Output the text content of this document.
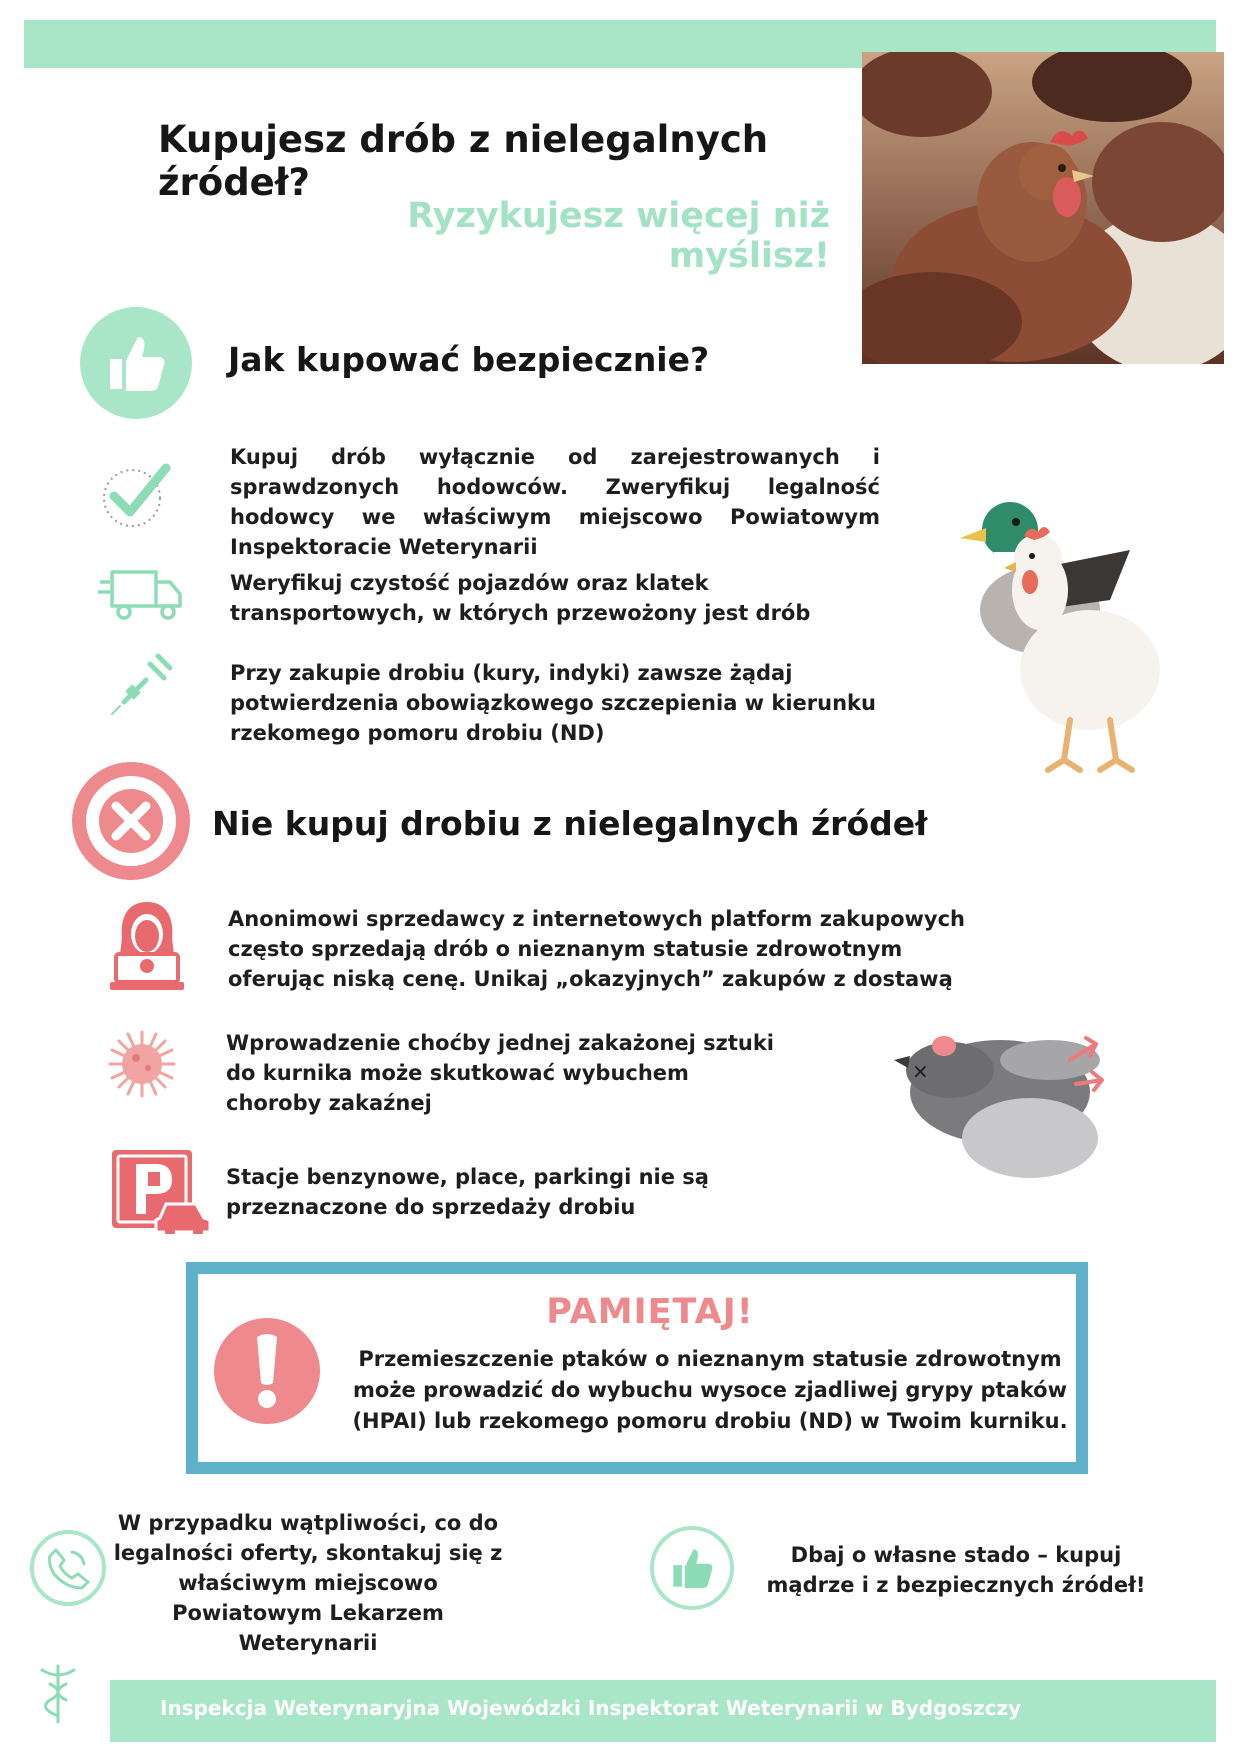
Kupujesz drób z nielegalnych źródeł?
Ryzykujesz więcej niż myślisz!
Jak kupować bezpiecznie?
Kupuj drób wyłącznie od zarejestrowanych i sprawdzonych hodowców. Zweryfikuj legalność hodowcy we właściwym miejscowo Powiatowym Inspektoracie Weterynarii
Weryfikuj czystość pojazdów oraz klatek transportowych, w których przewożony jest drób
Przy zakupie drobiu (kury, indyki) zawsze żądaj potwierdzenia obowiązkowego szczepienia w kierunku rzekomego pomoru drobiu (ND)
Nie kupuj drobiu z nielegalnych źródeł
Anonimowi sprzedawcy z internetowych platform zakupowych często sprzedają drób o nieznanym statusie zdrowotnym oferując niską cenę. Unikaj „okazyjnych” zakupów z dostawą
Wprowadzenie choćby jednej zakażonej sztuki do kurnika może skutkować wybuchem choroby zakaźnej
Stacje benzynowe, place, parkingi nie są przeznaczone do sprzedaży drobiu
×
PAMIĘTAJ!
Przemieszczenie ptaków o nieznanym statusie zdrowotnym może prowadzić do wybuchu wysoce zjadliwej grypy ptaków (HPAI) lub rzekomego pomoru drobiu (ND) w Twoim kurniku.
W przypadku wątpliwości, co do legalności oferty, skontakuj się z właściwym miejscowo Powiatowym Lekarzem Weterynarii
Dbaj o własne stado – kupuj mądrze i z bezpiecznych źródeł!
Inspekcja Weterynaryjna Wojewódzki Inspektorat Weterynarii w Bydgoszczy
